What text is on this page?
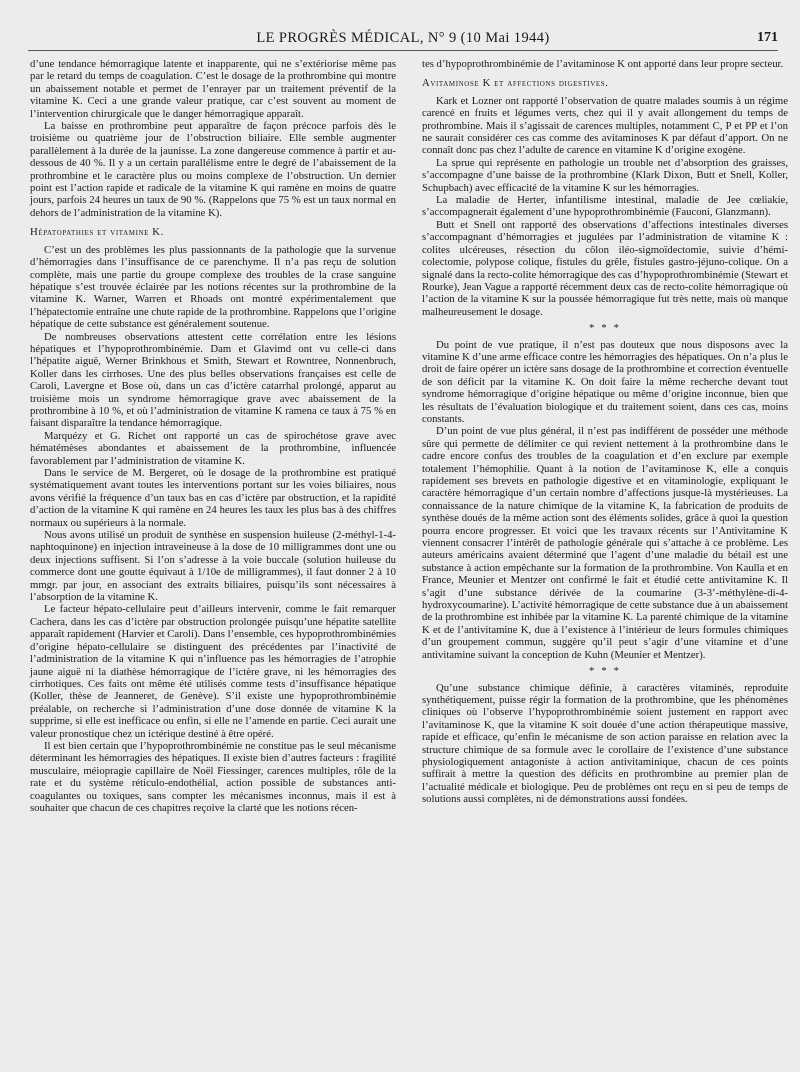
LE PROGRÈS MÉDICAL, N° 9 (10 Mai 1944)	171

d’une tendance hémorragique latente et inapparente, qui ne s’extériorise même pas par le retard du temps de coagulation. C’est le dosage de la prothrombine qui montre un abaissement notable et permet de l’enrayer par un traitement préventif de la vitamine K. Ceci a une grande valeur pratique, car c’est souvent au moment de l’intervention chirurgicale que le danger hémorragique apparaît.

La baisse en prothrombine peut apparaître de façon précoce parfois dès le troisième ou quatrième jour de l’obstruction biliaire. Elle semble augmenter parallèlement à la durée de la jaunisse. La zone dangereuse commence à partir et au-dessous de 40 %. Il y a un certain parallélisme entre le degré de l’abaissement de la prothrombine et le caractère plus ou moins complexe de l’obstruction. Un dernier point est l’action rapide et radicale de la vitamine K qui ramène en moins de quatre jours, parfois 24 heures un taux de 90 %. (Rappelons que 75 % est un taux normal en dehors de l’administration de la vitamine K).

Hépatopathies et vitamine K.

C’est un des problèmes les plus passionnants de la pathologie que la survenue d’hémorragies dans l’insuffisance de ce parenchyme. Il n’a pas reçu de solution complète, mais une partie du groupe complexe des troubles de la crase sanguine hépatique s’est trouvée éclairée par les notions récentes sur la prothrombine de la vitamine K. Warner, Warren et Rhoads ont montré expérimentalement que l’hépatectomie entraîne une chute rapide de la prothrombine. Rappelons que l’origine hépatique de cette substance est généralement soutenue.

De nombreuses observations attestent cette corrélation entre les lésions hépatiques et l’hypoprothrombinémie. Dam et Glavimd ont vu celle-ci dans l’hépatite aiguë, Werner Brinkhous et Smith, Stewart et Rowntree, Nonnenbruch, Koller dans les cirrhoses. Une des plus belles observations françaises est celle de Caroli, Lavergne et Bose où, dans un cas d’ictère catarrhal prolongé, apparut au troisième mois un syndrome hémorragique grave avec abaissement de la prothrombine à 10 %, et où l’administration de vitamine K ramena ce taux à 75 % en faisant disparaître la tendance hémorragique.

Marquézy et G. Richet ont rapporté un cas de spirochétose grave avec hématémèses abondantes et abaissement de la prothrombine, influencée favorablement par l’administration de vitamine K.

Dans le service de M. Bergeret, où le dosage de la prothrombine est pratiqué systématiquement avant toutes les interventions portant sur les voies biliaires, nous avons vérifié la fréquence d’un taux bas en cas d’ictère par obstruction, et la rapidité d’action de la vitamine K qui ramène en 24 heures les taux les plus bas à des chiffres normaux ou supérieurs à la normale.

Nous avons utilisé un produit de synthèse en suspension huileuse (2-méthyl-1-4-naphtoquinone) en injection intraveineuse à la dose de 10 milligrammes dont une ou deux injections suffisent. Si l’on s’adresse à la voie buccale (solution huileuse du commerce dont une goutte équivaut à 1/10e de milligrammes), il faut donner 2 à 10 mmgr. par jour, en associant des extraits biliaires, puisqu’ils sont nécessaires à l’absorption de la vitamine K.

Le facteur hépato-cellulaire peut d’ailleurs intervenir, comme le fait remarquer Cachera, dans les cas d’ictère par obstruction prolongée puisqu’une hépatite satellite apparaît rapidement (Harvier et Caroli). Dans l’ensemble, ces hypoprothrombinémies d’origine hépato-cellulaire se distinguent des précédentes par l’inactivité de l’administration de la vitamine K qui n’influence pas les hémorragies de l’atrophie jaune aiguë ni la diathèse hémorragique de l’ictère grave, ni les hémorragies des cirrhotiques. Ces faits ont même été utilisés comme tests d’insuffisance hépatique (Koller, thèse de Jeanneret, de Genève). S’il existe une hypoprothrombinémie préalable, on recherche si l’administration d’une dose donnée de vitamine K la supprime, si elle est inefficace ou enfin, si elle ne l’amende en partie. Ceci aurait une valeur pronostique chez un ictérique destiné à être opéré.

Il est bien certain que l’hypoprothrombinémie ne constitue pas le seul mécanisme déterminant les hémorragies des hépatiques. Il existe bien d’autres facteurs : fragilité musculaire, méiopragie capillaire de Noël Fiessinger, carences multiples, rôle de la rate et du système réticulo-endothélial, action possible de substances anti-coagulantes ou toxiques, sans compter les mécanismes inconnus, mais il est à souhaiter que chacun de ces chapitres reçoive la clarté que les notions récen-

tes d’hypoprothrombinémie de l’avitaminose K ont apporté dans leur propre secteur.

Avitaminose K et affections digestives.

Kark et Lozner ont rapporté l’observation de quatre malades soumis à un régime carencé en fruits et légumes verts, chez qui il y avait allongement du temps de prothrombine. Mais il s’agissait de carences multiples, notamment C, P et PP et l’on ne saurait considérer ces cas comme des avitaminoses K par défaut d’apport. On ne connaît donc pas chez l’adulte de carence en vitamine K d’origine exogène.

La sprue qui représente en pathologie un trouble net d’absorption des graisses, s’accompagne d’une baisse de la prothrombine (Klark Dixon, Butt et Snell, Koller, Schupbach) avec efficacité de la vitamine K sur les hémorragies.

La maladie de Herter, infantilisme intestinal, maladie de Jee cœliakie, s’accompagnerait également d’une hypoprothrombinémie (Fauconi, Glanzmann).

Butt et Snell ont rapporté des observations d’affections intestinales diverses s’accompagnant d’hémorragies et jugulées par l’administration de vitamine K : colites ulcéreuses, résection du côlon iléo-sigmoïdectomie, suivie d’hémi-colectomie, polypose colique, fistules du grêle, fistules gastro-jéjuno-colique. On a signalé dans la recto-colite hémorragique des cas d’hypoprothrombinémie (Stewart et Rourke), Jean Vague a rapporté récemment deux cas de recto-colite hémorragique où l’action de la vitamine K sur la poussée hémorragique fut très nette, mais où manque malheureusement le dosage.

* * *

Du point de vue pratique, il n’est pas douteux que nous disposons avec la vitamine K d’une arme efficace contre les hémorragies des hépatiques. On n’a plus le droit de faire opérer un ictère sans dosage de la prothrombine et correction éventuelle de son déficit par la vitamine K. On doit faire la même recherche devant tout syndrome hémorragique d’origine hépatique ou même d’origine inconnue, bien que les résultats de l’évaluation biologique et du traitement soient, dans ces cas, moins constants.

D’un point de vue plus général, il n’est pas indifférent de posséder une méthode sûre qui permette de délimiter ce qui revient nettement à la prothrombine dans le cadre encore confus des troubles de la coagulation et d’en exclure par exemple totalement l’hémophilie. Quant à la notion de l’avitaminose K, elle a conquis rapidement ses brevets en pathologie digestive et en vitaminologie, expliquant le caractère hémorragique d’un certain nombre d’affections jusque-là mystérieuses. La connaissance de la nature chimique de la vitamine K, la fabrication de produits de synthèse doués de la même action sont des éléments solides, grâce à quoi la question pourra encore progresser. Et voici que les travaux récents sur l’Antivitamine K viennent consacrer l’intérêt de pathologie générale qui s’attache à ce problème. Les auteurs américains avaient déterminé que l’agent d’une maladie du bétail est une substance à action empêchante sur la formation de la prothrombine. Von Kaulla et en France, Meunier et Mentzer ont confirmé le fait et étudié cette antivitamine K. Il s’agit d’une substance dérivée de la coumarine (3-3’-méthylène-di-4-hydroxycoumarine). L’activité hémorragique de cette substance due à un abaissement de la prothrombine est inhibée par la vitamine K. La parenté chimique de la vitamine K et de l’antivitamine K, due à l’existence à l’intérieur de leurs formules chimiques d’un groupement commun, suggère qu’il peut s’agir d’une vitamine et d’une antivitamine suivant la conception de Kuhn (Meunier et Mentzer).

* * *

Qu’une substance chimique définie, à caractères vitaminés, reproduite synthétiquement, puisse régir la formation de la prothrombine, que les phénomènes cliniques où l’observe l’hypoprothrombinémie soient justement en rapport avec l’avitaminose K, que la vitamine K soit douée d’une action thérapeutique massive, rapide et efficace, qu’enfin le mécanisme de son action paraisse en relation avec la structure chimique de sa formule avec le corollaire de l’existence d’une substance physiologiquement antagoniste à action antivitaminique, chacun de ces points suffirait à mettre la question des déficits en prothrombine au premier plan de l’actualité médicale et biologique. Peu de problèmes ont reçu en si peu de temps de solutions aussi complètes, ni de démonstrations aussi fondées.
